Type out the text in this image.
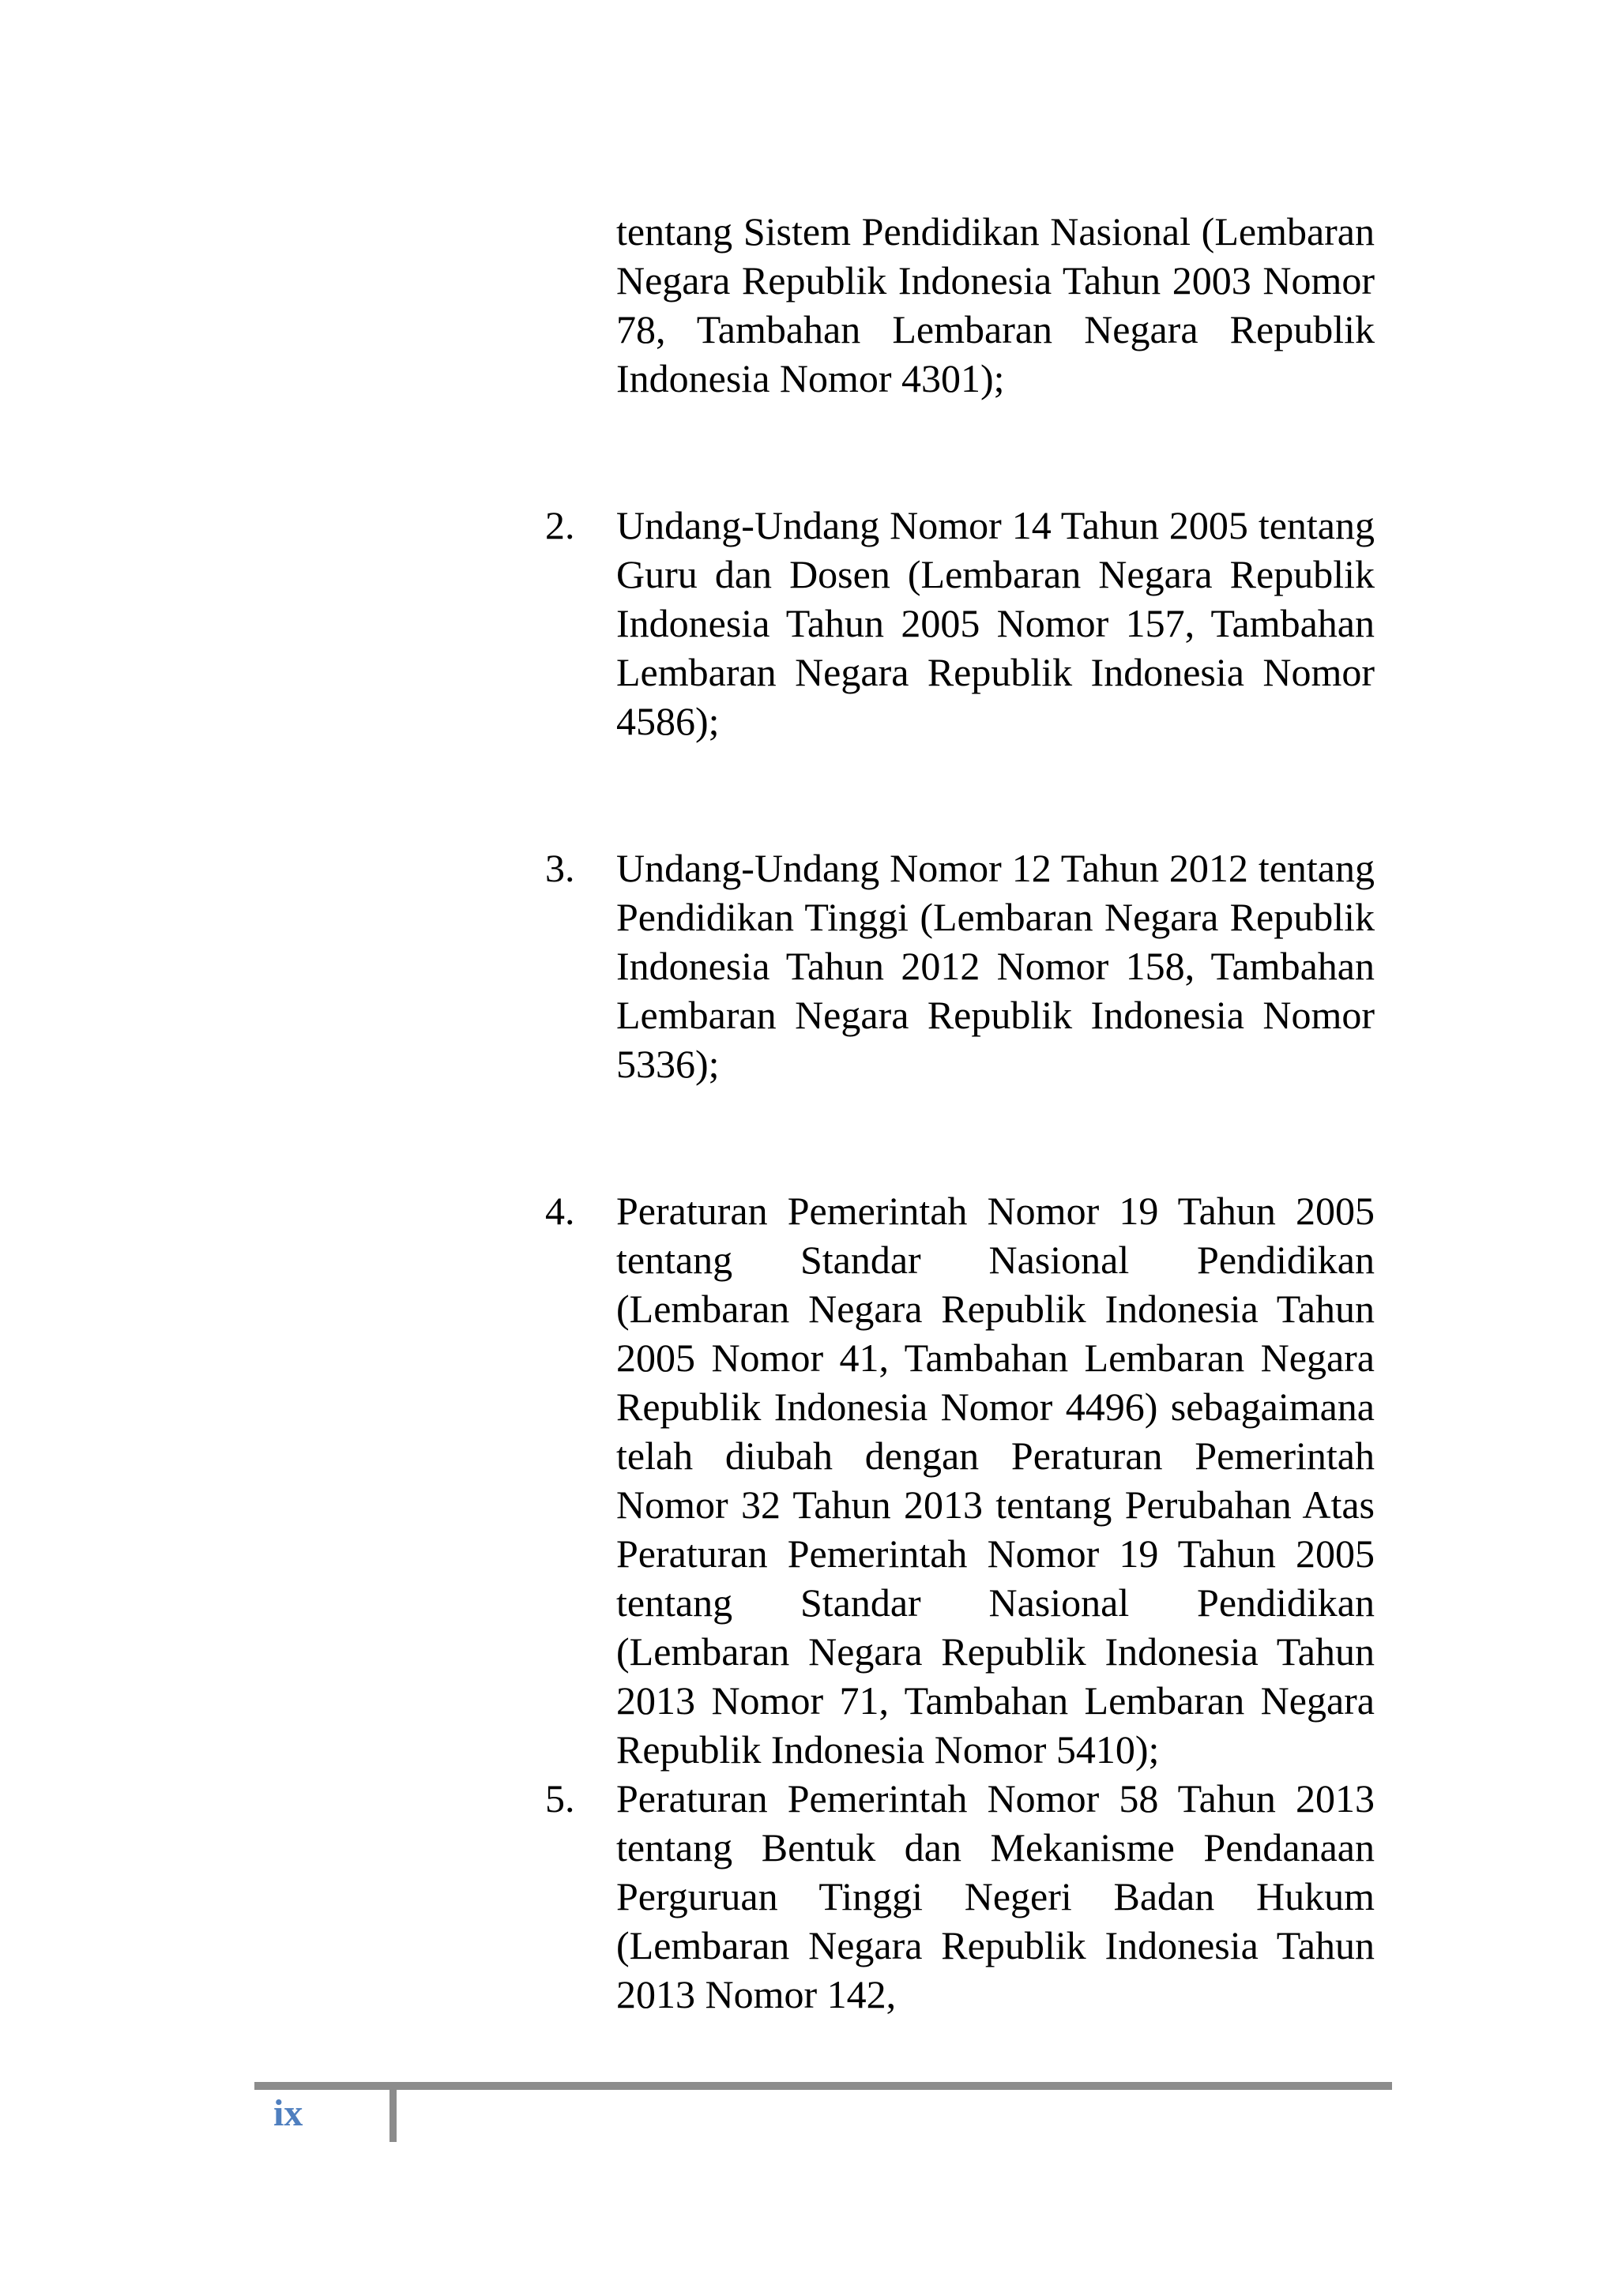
tentang Sistem Pendidikan Nasional (Lembaran Negara Republik Indonesia Tahun 2003 Nomor 78, Tambahan Lembaran Negara Republik Indonesia Nomor 4301);
2.	Undang-Undang Nomor 14 Tahun 2005 tentang Guru dan Dosen (Lembaran Negara Republik Indonesia Tahun 2005 Nomor 157, Tambahan Lembaran Negara Republik Indonesia Nomor 4586);
3.	Undang-Undang Nomor 12 Tahun 2012 tentang Pendidikan Tinggi (Lembaran Negara Republik Indonesia Tahun 2012 Nomor 158, Tambahan Lembaran Negara Republik Indonesia Nomor 5336);
4.	Peraturan Pemerintah Nomor 19 Tahun 2005 tentang Standar Nasional Pendidikan (Lembaran Negara Republik Indonesia Tahun 2005 Nomor 41, Tambahan Lembaran Negara Republik Indonesia Nomor 4496) sebagaimana telah diubah dengan Peraturan Pemerintah Nomor 32 Tahun 2013 tentang Perubahan Atas Peraturan Pemerintah Nomor 19 Tahun 2005 tentang Standar Nasional Pendidikan (Lembaran Negara Republik Indonesia Tahun 2013 Nomor 71, Tambahan Lembaran Negara Republik Indonesia Nomor 5410);
5.	Peraturan Pemerintah Nomor 58 Tahun 2013 tentang Bentuk dan Mekanisme Pendanaan Perguruan Tinggi Negeri Badan Hukum (Lembaran Negara Republik Indonesia Tahun 2013 Nomor 142,
ix
